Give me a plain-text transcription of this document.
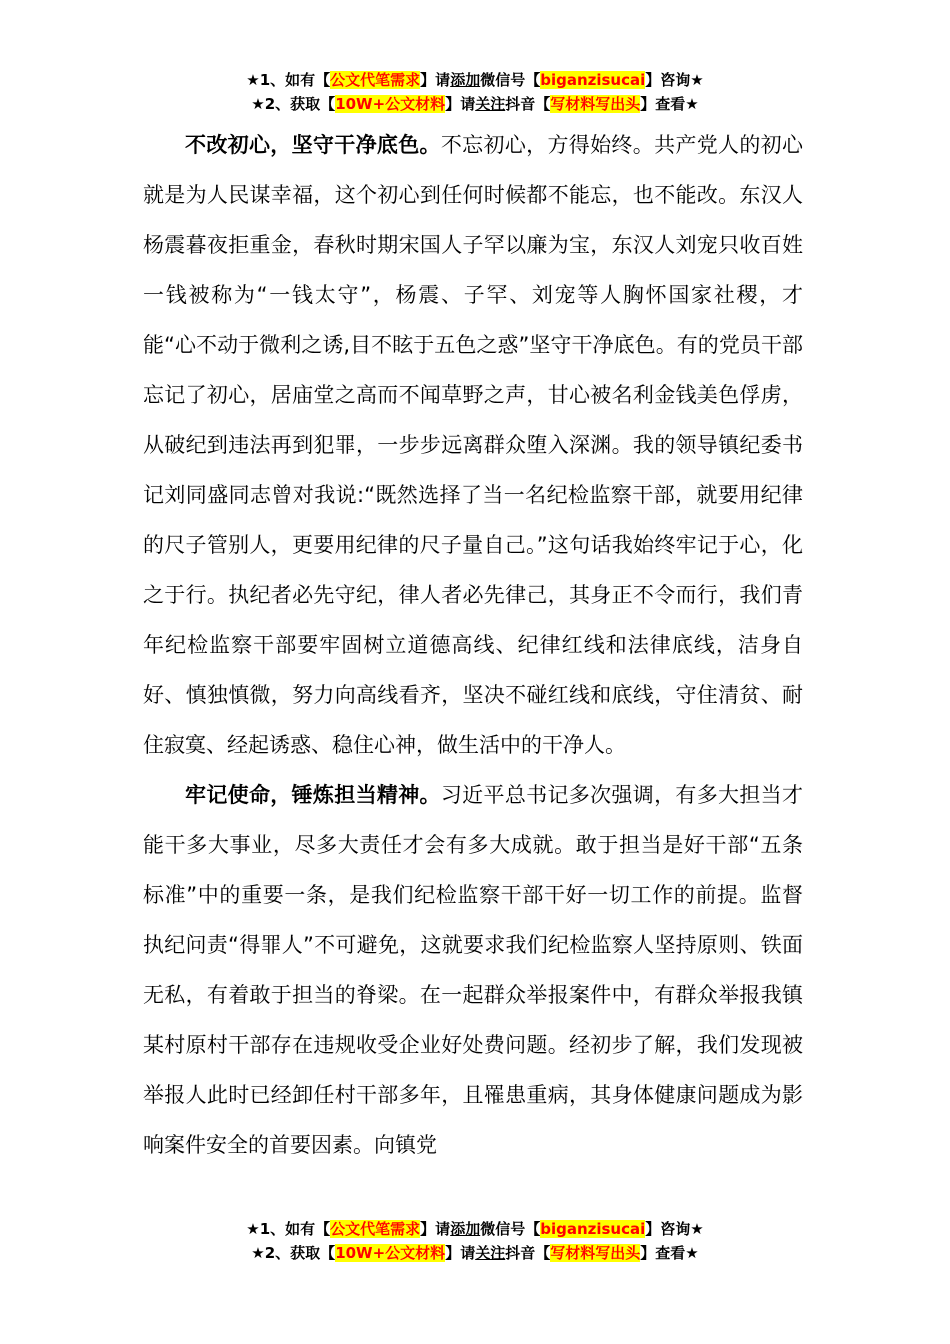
★1、如有【公文代笔需求】请添加微信号【biganzisucai】咨询★
★2、获取【10W+公文材料】请关注抖音【写材料写出头】查看★

不改初心，坚守干净底色。不忘初心，方得始终。共产党人的初心就是为人民谋幸福，这个初心到任何时候都不能忘，也不能改。东汉人杨震暮夜拒重金，春秋时期宋国人子罕以廉为宝，东汉人刘宠只收百姓一钱被称为“一钱太守”，杨震、子罕、刘宠等人胸怀国家社稷，才能“心不动于微利之诱,目不眩于五色之惑”坚守干净底色。有的党员干部忘记了初心，居庙堂之高而不闻草野之声，甘心被名利金钱美色俘虏，从破纪到违法再到犯罪，一步步远离群众堕入深渊。我的领导镇纪委书记刘同盛同志曾对我说:“既然选择了当一名纪检监察干部，就要用纪律的尺子管别人，更要用纪律的尺子量自己。”这句话我始终牢记于心，化之于行。执纪者必先守纪，律人者必先律己，其身正不令而行，我们青年纪检监察干部要牢固树立道德高线、纪律红线和法律底线，洁身自好、慎独慎微，努力向高线看齐，坚决不碰红线和底线，守住清贫、耐住寂寞、经起诱惑、稳住心神，做生活中的干净人。

牢记使命，锤炼担当精神。习近平总书记多次强调，有多大担当才能干多大事业，尽多大责任才会有多大成就。敢于担当是好干部“五条标准”中的重要一条，是我们纪检监察干部干好一切工作的前提。监督执纪问责“得罪人”不可避免，这就要求我们纪检监察人坚持原则、铁面无私，有着敢于担当的脊梁。在一起群众举报案件中，有群众举报我镇某村原村干部存在违规收受企业好处费问题。经初步了解，我们发现被举报人此时已经卸任村干部多年，且罹患重病，其身体健康问题成为影响案件安全的首要因素。向镇党

★1、如有【公文代笔需求】请添加微信号【biganzisucai】咨询★
★2、获取【10W+公文材料】请关注抖音【写材料写出头】查看★
